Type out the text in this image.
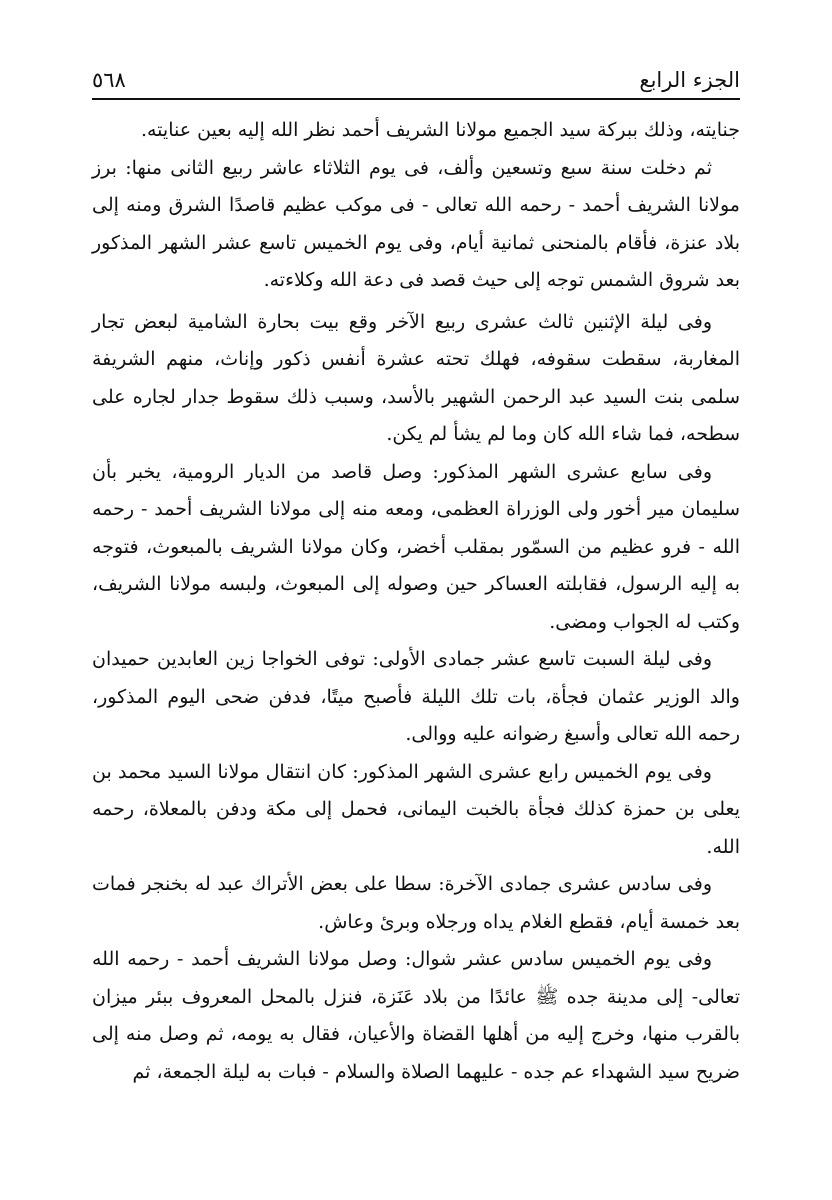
الجزء الرابع
٥٦٨

جنايته، وذلك ببركة سيد الجميع مولانا الشريف أحمد نظر الله إليه بعين عنايته.

ثم دخلت سنة سبع وتسعين وألف، فى يوم الثلاثاء عاشر ربيع الثانى منها: برز مولانا الشريف أحمد - رحمه الله تعالى - فى موكب عظيم قاصدًا الشرق ومنه إلى بلاد عنزة، فأقام بالمنحنى ثمانية أيام، وفى يوم الخميس تاسع عشر الشهر المذكور بعد شروق الشمس توجه إلى حيث قصد فى دعة الله وكلاءته.

وفى ليلة الإثنين ثالث عشرى ربيع الآخر وقع بيت بحارة الشامية لبعض تجار المغاربة، سقطت سقوفه، فهلك تحته عشرة أنفس ذكور وإناث، منهم الشريفة سلمى بنت السيد عبد الرحمن الشهير بالأسد، وسبب ذلك سقوط جدار لجاره على سطحه، فما شاء الله كان وما لم يشأ لم يكن.

وفى سابع عشرى الشهر المذكور: وصل قاصد من الديار الرومية، يخبر بأن سليمان مير أخور ولى الوزراة العظمى، ومعه منه إلى مولانا الشريف أحمد - رحمه الله - فرو عظيم من السمّور بمقلب أخضر، وكان مولانا الشريف بالمبعوث، فتوجه به إليه الرسول، فقابلته العساكر حين وصوله إلى المبعوث، ولبسه مولانا الشريف، وكتب له الجواب ومضى.

وفى ليلة السبت تاسع عشر جمادى الأولى: توفى الخواجا زين العابدين حميدان والد الوزير عثمان فجأة، بات تلك الليلة فأصبح ميتًا، فدفن ضحى اليوم المذكور، رحمه الله تعالى وأسبغ رضوانه عليه ووالى.

وفى يوم الخميس رابع عشرى الشهر المذكور: كان انتقال مولانا السيد محمد بن يعلى بن حمزة كذلك فجأة بالخبت اليمانى، فحمل إلى مكة ودفن بالمعلاة، رحمه الله.

وفى سادس عشرى جمادى الآخرة: سطا على بعض الأتراك عبد له بخنجر فمات بعد خمسة أيام، فقطع الغلام يداه ورجلاه وبرئ وعاش.

وفى يوم الخميس سادس عشر شوال: وصل مولانا الشريف أحمد - رحمه الله تعالى- إلى مدينة جده ﷺ عائدًا من بلاد عَنَزة، فنزل بالمحل المعروف ببئر ميزان بالقرب منها، وخرج إليه من أهلها القضاة والأعيان، فقال به يومه، ثم وصل منه إلى ضريح سيد الشهداء عم جده - عليهما الصلاة والسلام - فبات به ليلة الجمعة، ثم
